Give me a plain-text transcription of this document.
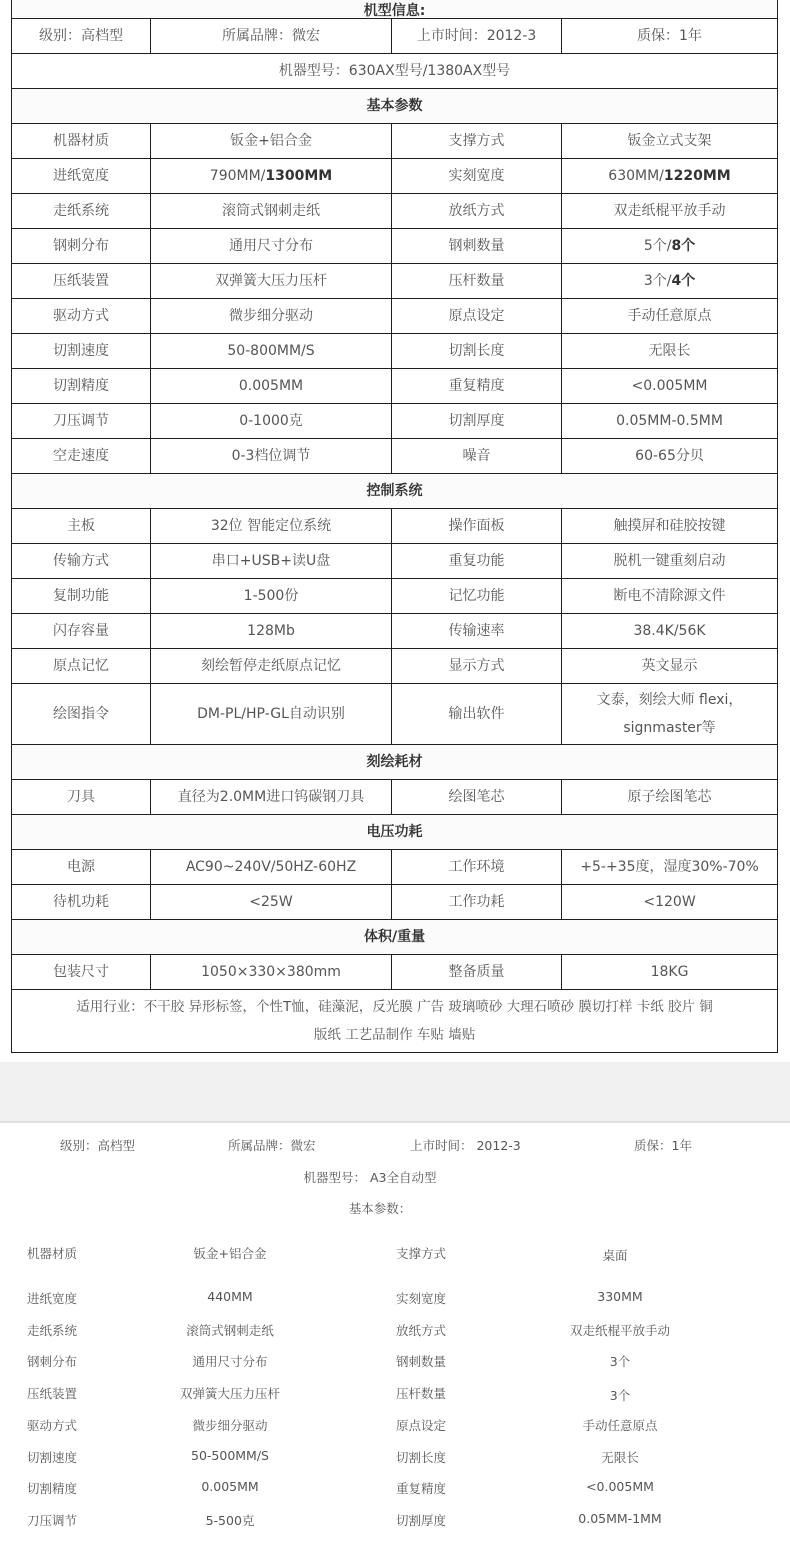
机型信息:			
级别：高档型	所属品牌：微宏	上市时间：2012-3	质保：1年
机器型号：630AX型号/1380AX型号			
基本参数			
机器材质	钣金+铝合金	支撑方式	钣金立式支架
进纸宽度	790MM/1300MM	实刻宽度	630MM/1220MM
走纸系统	滚筒式钢刺走纸	放纸方式	双走纸棍平放手动
钢刺分布	通用尺寸分布	钢刺数量	5个/8个
压纸装置	双弹簧大压力压杆	压杆数量	3个/4个
驱动方式	微步细分驱动	原点设定	手动任意原点
切割速度	50-800MM/S	切割长度	无限长
切割精度	0.005MM	重复精度	<0.005MM
刀压调节	0-1000克	切割厚度	0.05MM-0.5MM
空走速度	0-3档位调节	噪音	60-65分贝
控制系统			
主板	32位 智能定位系统	操作面板	触摸屏和硅胶按键
传输方式	串口+USB+读U盘	重复功能	脱机一键重刻启动
复制功能	1-500份	记忆功能	断电不清除源文件
闪存容量	128Mb	传输速率	38.4K/56K
原点记忆	刻绘暂停走纸原点记忆	显示方式	英文显示
绘图指令	DM-PL/HP-GL自动识别	输出软件	文泰，刻绘大师 flexi，
signmaster等

刻绘耗材			
刀具	直径为2.0MM进口钨碳钢刀具	绘图笔芯	原子绘图笔芯
电压功耗			
电源	AC90~240V/50HZ-60HZ	工作环境	+5-+35度，湿度30%-70%
待机功耗	<25W	工作功耗	<120W
体积/重量			
包装尺寸	1050×330×380mm	整备质量	18KG

适用行业：不干胶 异形标签，个性T恤，硅藻泥，反光膜 广告 玻璃喷砂 大理石喷砂 膜切打样 卡纸 胶片 铜
版纸 工艺品制作 车贴 墙贴			
级别：高档型	所属品牌：微宏	上市时间： 2012-3	质保：1年
机器型号： A3全自动型
基本参数：
机器材质	钣金+铝合金	支撑方式	桌面
进纸宽度	440MM	实刻宽度	330MM
走纸系统	滚筒式钢刺走纸	放纸方式	双走纸棍平放手动
钢刺分布	通用尺寸分布	钢刺数量	3个
压纸装置	双弹簧大压力压杆	压杆数量	3个
驱动方式	微步细分驱动	原点设定	手动任意原点
切割速度	50-500MM/S	切割长度	无限长
切割精度	0.005MM	重复精度	<0.005MM
刀压调节	5-500克	切割厚度	0.05MM-1MM
